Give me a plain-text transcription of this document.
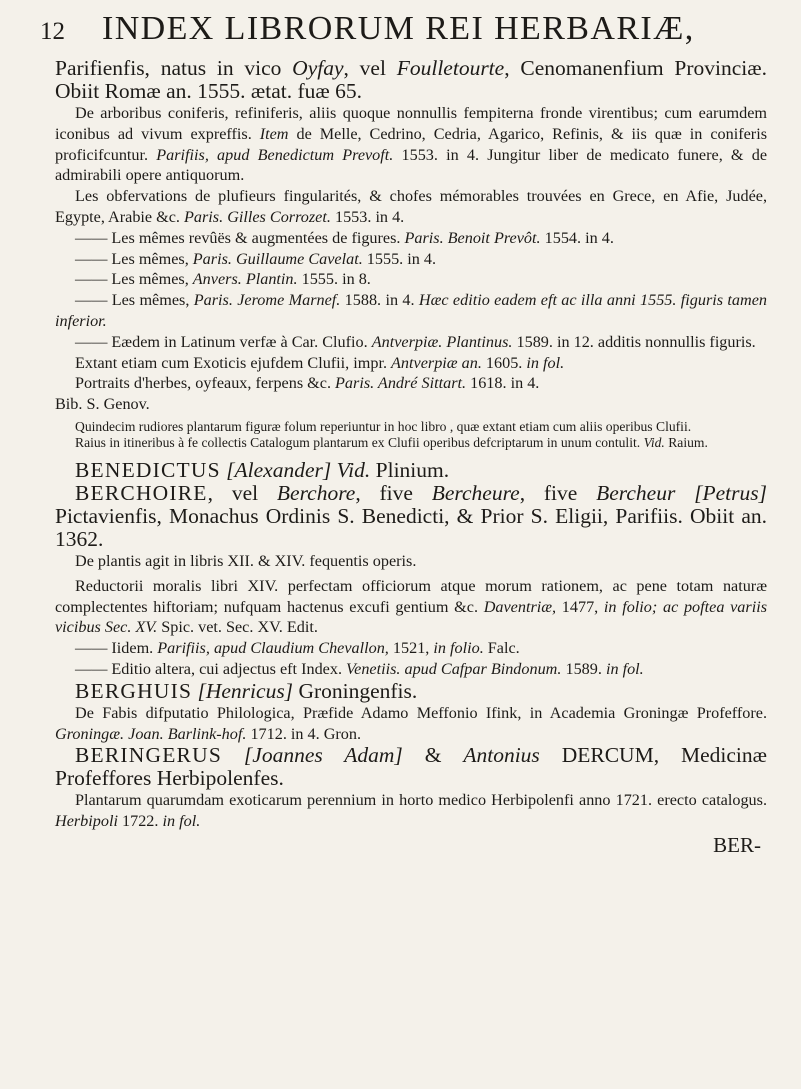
12 INDEX LIBRORUM REI HERBARIÆ,

Parifienfis, natus in vico Oyfay, vel Foulletourte, Cenomanenfium Provinciæ. Obiit Romæ an. 1555. ætat. fuæ 65.

De arboribus coniferis, refiniferis, aliis quoque nonnullis fempiterna fronde virentibus; cum earumdem iconibus ad vivum expreffis. Item de Melle, Cedrino, Cedria, Agarico, Refinis, & iis quæ in coniferis proficifcuntur. Parifiis, apud Benedictum Prevoft. 1553. in 4. Jungitur liber de medicato funere, & de admirabili opere antiquorum.

Les obfervations de plufieurs fingularités, & chofes mémorables trouvées en Grece, en Afie, Judée, Egypte, Arabie &c. Paris. Gilles Corrozet. 1553. in 4.

—— Les mêmes revûës & augmentées de figures. Paris. Benoit Prevôt. 1554. in 4.

—— Les mêmes, Paris. Guillaume Cavelat. 1555. in 4.

—— Les mêmes, Anvers. Plantin. 1555. in 8.

—— Les mêmes, Paris. Jerome Marnef. 1588. in 4. Hæc editio eadem eft ac illa anni 1555. figuris tamen inferior.

—— Eædem in Latinum verfæ à Car. Clufio. Antverpiæ. Plantinus. 1589. in 12. additis nonnullis figuris.

Extant etiam cum Exoticis ejufdem Clufii, impr. Antverpiæ an. 1605. in fol.

Portraits d'herbes, oyfeaux, ferpens &c. Paris. André Sittart. 1618. in 4.

Bib. S. Genov.

Quindecim rudiores plantarum figuræ folum reperiuntur in hoc libro , quæ extant etiam cum aliis operibus Clufii.

Raius in itineribus à fe collectis Catalogum plantarum ex Clufii operibus defcriptarum in unum contulit. Vid. Raium.

BENEDICTUS [Alexander] Vid. Plinium.

BERCHOIRE, vel Berchore, five Bercheure, five Bercheur [Petrus] Pictavienfis, Monachus Ordinis S. Benedicti, & Prior S. Eligii, Parifiis. Obiit an. 1362.

De plantis agit in libris XII. & XIV. fequentis operis.

Reductorii moralis libri XIV. perfectam officiorum atque morum rationem, ac pene totam naturæ complectentes hiftoriam; nufquam hactenus excufi gentium &c. Daventriæ, 1477, in folio; ac poftea variis vicibus Sec. XV. Spic. vet. Sec. XV. Edit.

—— Iidem. Parifiis, apud Claudium Chevallon, 1521, in folio. Falc.

—— Editio altera, cui adjectus eft Index. Venetiis. apud Cafpar Bindonum. 1589. in fol.

BERGHUIS [Henricus] Groningenfis.

De Fabis difputatio Philologica, Præfide Adamo Meffonio Ifink, in Academia Groningæ Profeffore. Groningæ. Joan. Barlink-hof. 1712. in 4. Gron.

BERINGERUS [Joannes Adam] & Antonius DERCUM, Medicinæ Profeffores Herbipolenfes.

Plantarum quarumdam exoticarum perennium in horto medico Herbipolenfi anno 1721. erecto catalogus. Herbipoli 1722. in fol.

BER-
